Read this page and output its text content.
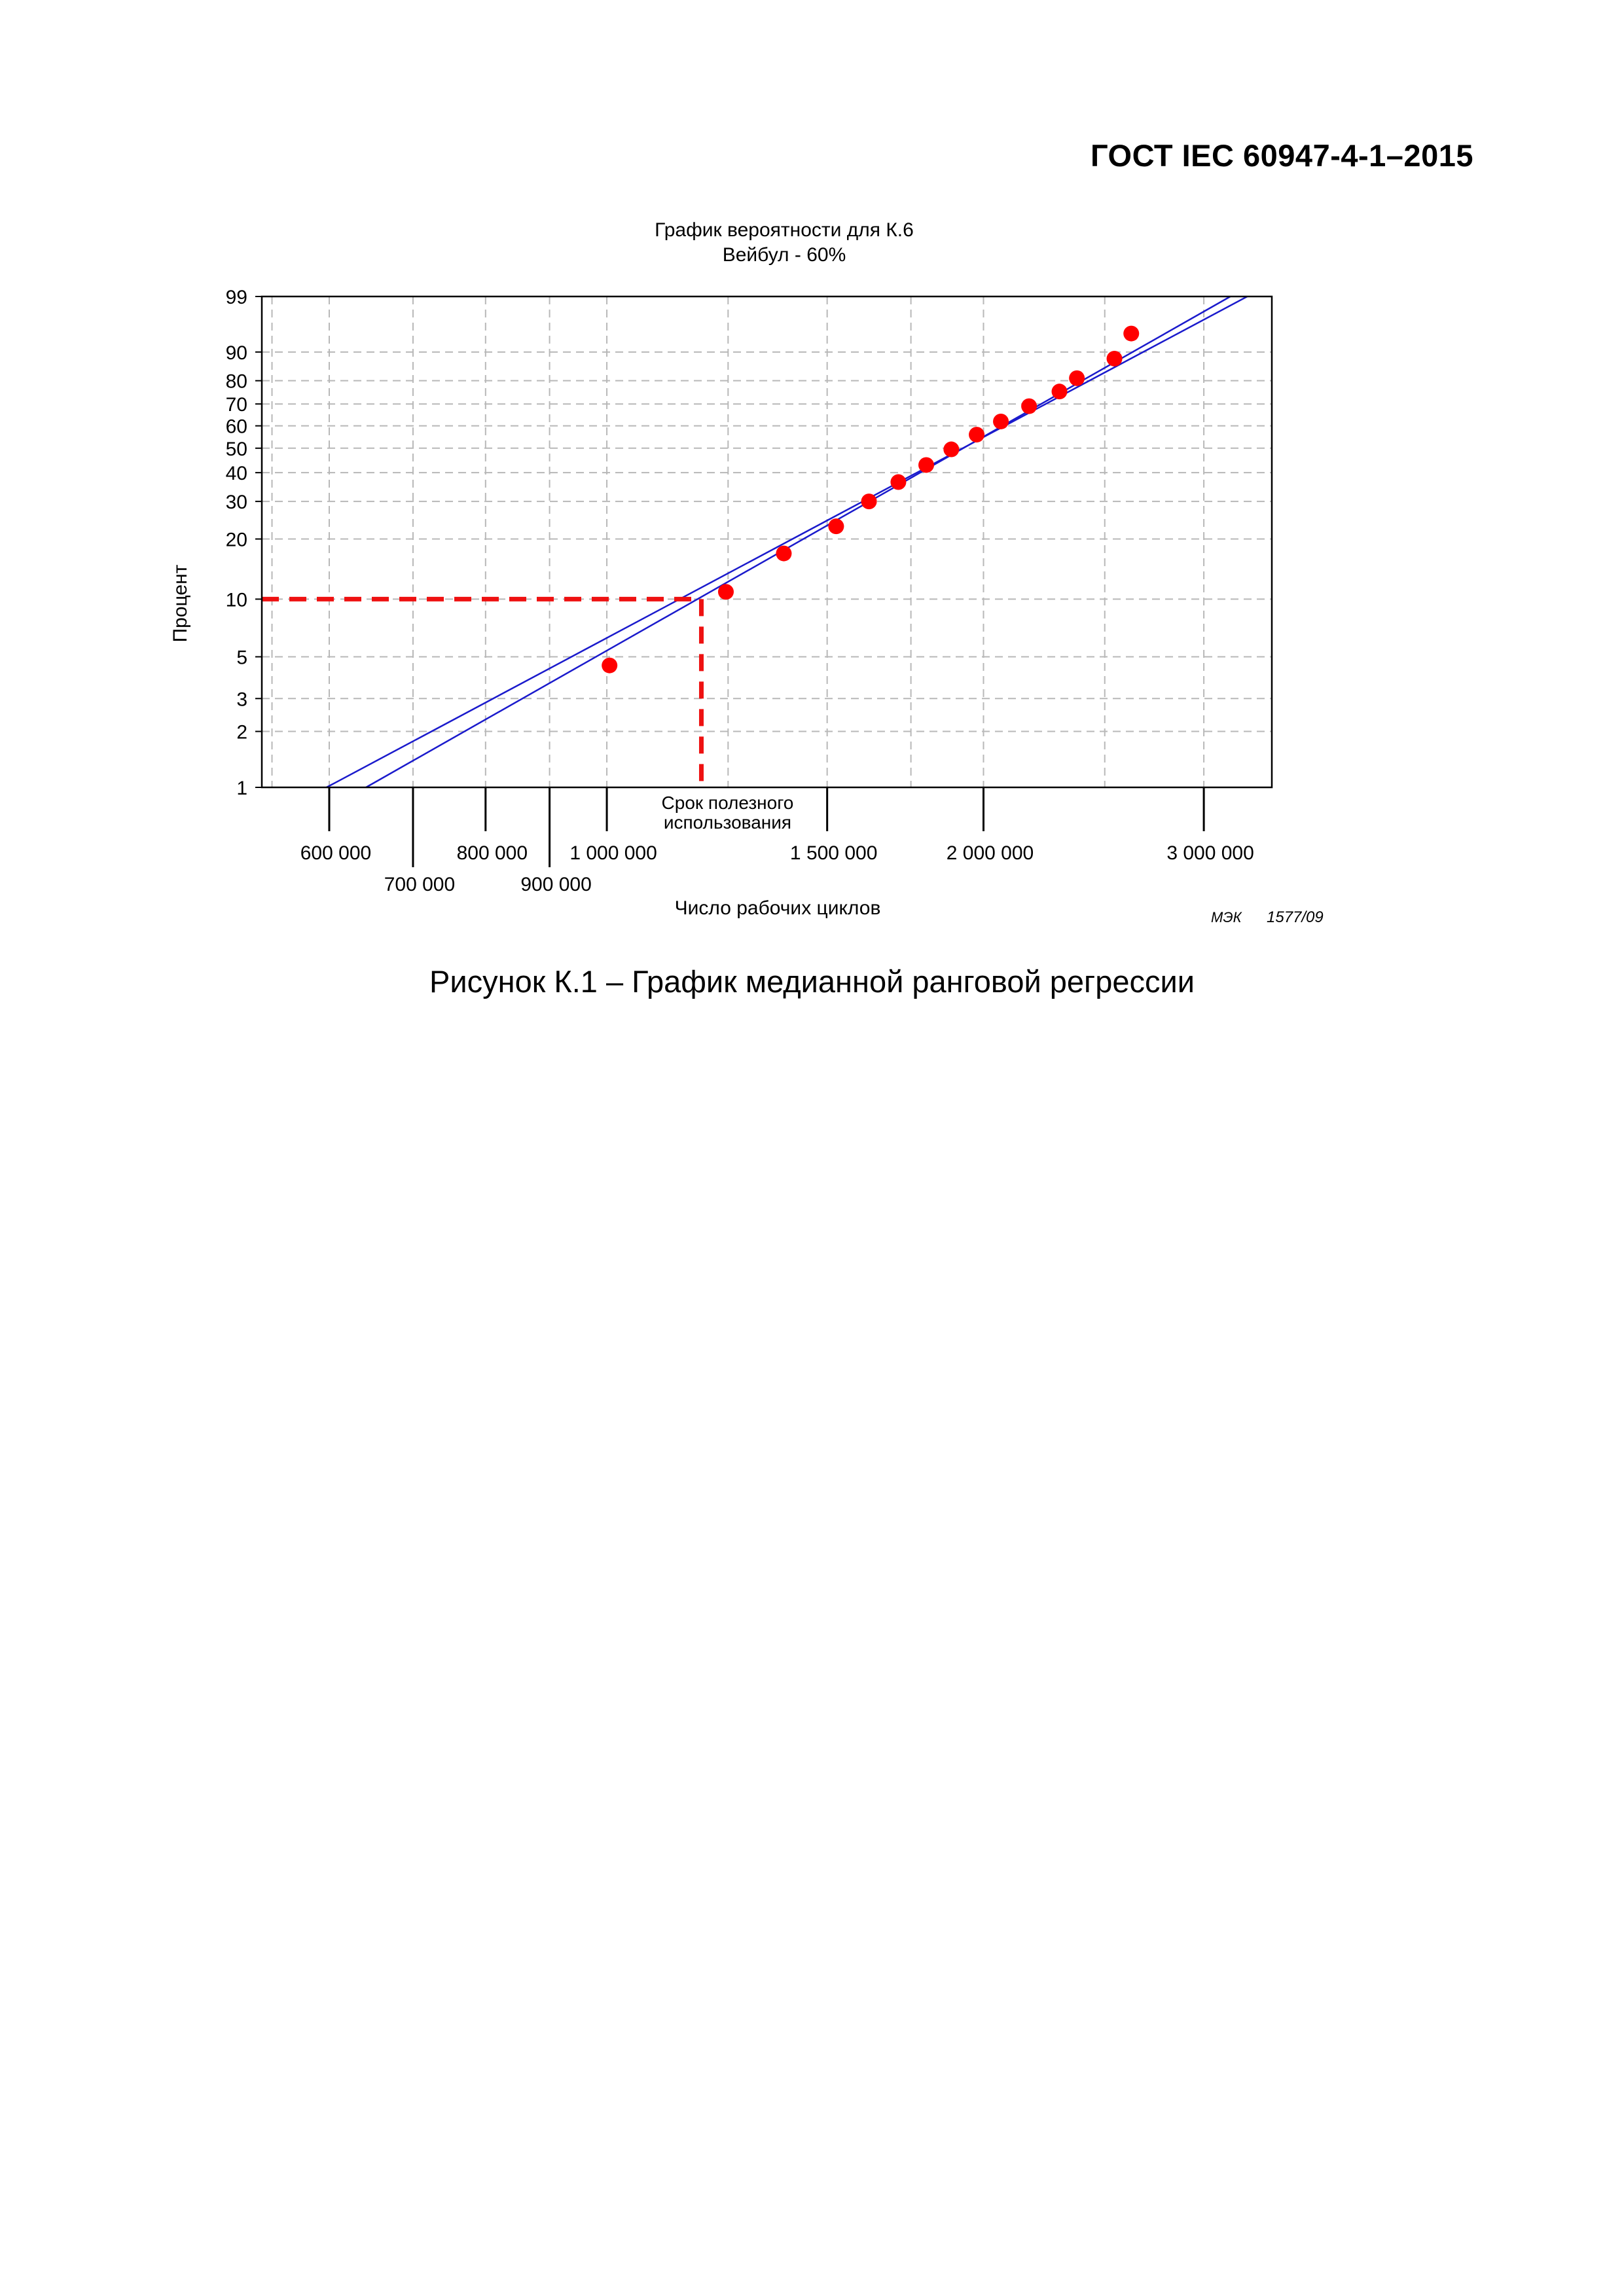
ГОСТ IEC 60947-4-1–2015
График вероятности для К.6
Вейбул - 60%
Срок полезного
использования
1
2
3
5
10
20
30
40
50
60
70
80
90
99
600 000
700 000
800 000
900 000
1 000 000	1 500 000	2 000 000	3 000 000
Процент
Число рабочих циклов	МЭК 1577/09
Рисунок К.1 – График медианной ранговой регрессии
